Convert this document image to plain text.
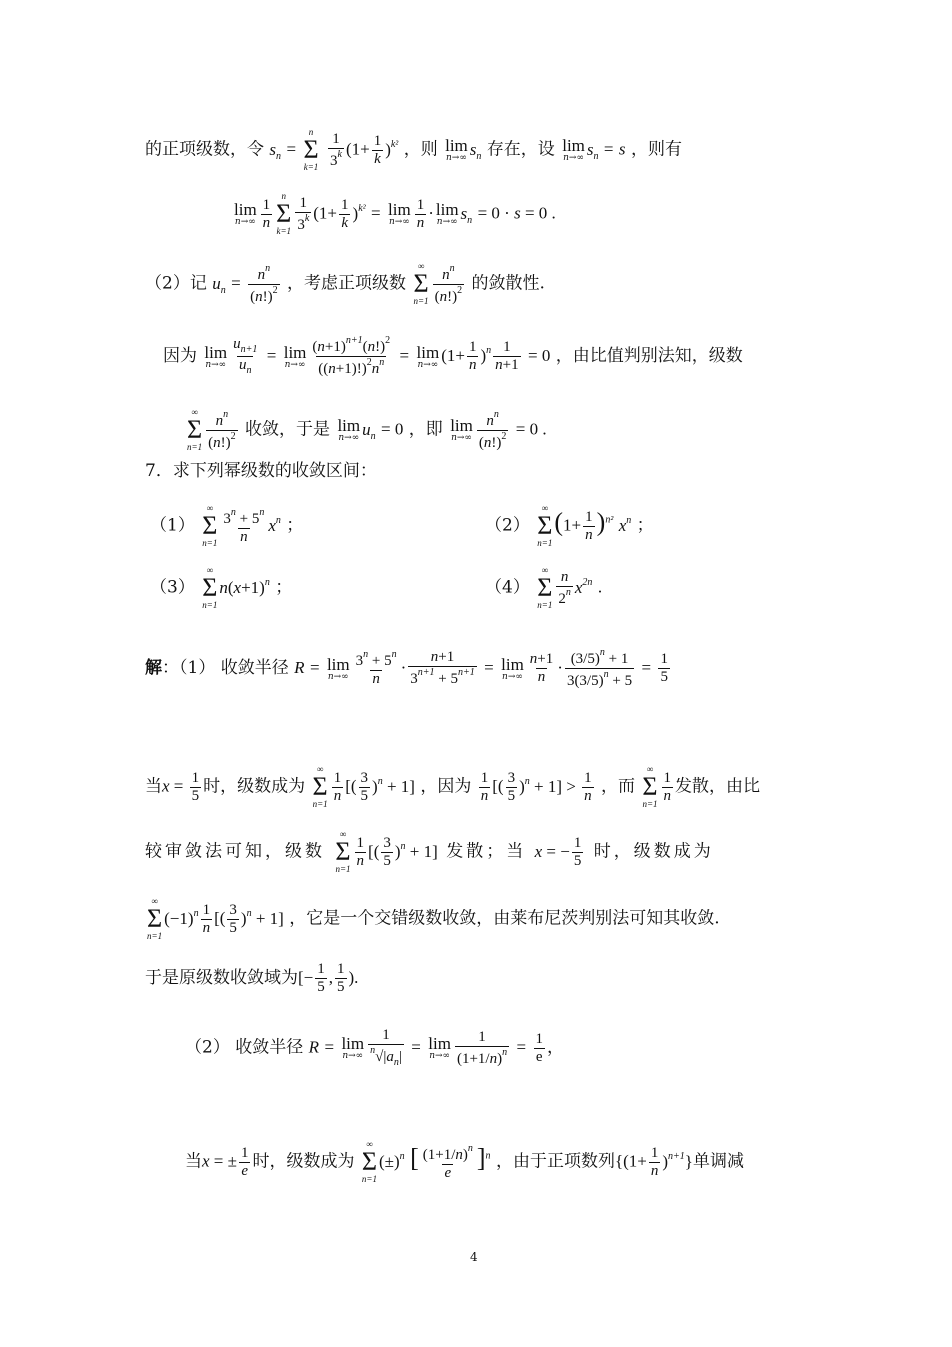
的正项级数，令 $s_n$ =
n
Σ
k=1
$\frac{1}{3^k} (1+ \frac{1}{k} )^{k^2}$ ，则 lim
n→∞ $s_n$ 存在，设 lim
n→∞ $s_n = s$ ，则有
lim
$n\to\infty \frac{1}{n}$
n
Σ
$k=1 \frac{1}{3^k} (1+ \frac{1}{k} )^{k^2} = \lim$
$n\to\infty \frac{1}{n} \cdot \lim$
n→∞ $s_n = 0 \cdot s = 0$ .
（2）记 $u_n = \frac{n^n}{(n!)^2}$ ，考虑正项级数
∞
Σ
$n=1 \frac{n^n}{(n!)^2}$ 的敛散性.
因为 lim
$n\to\infty \frac{u_{n+1}}{u_n} = \lim$
$n\to\infty \frac{(n+1)^{n+1}(n!)^2}{((n+1)!)^2n^n} = \lim$
n→∞ $(1+ \frac{1}{n} )^n \frac{1}{n+1} = 0$ ，由比值判别法知，级数
∞
Σ
$n=1 \frac{n^n}{(n!)^2}$ 收敛，于是 lim
n→∞ $u_n = 0$ ，即 lim
$n\to\infty \frac{n^n}{(n!)^2} = 0$ .
7．求下列幂级数的收敛区间：
（1）
∞
Σ
$n=1 \frac{3^n + 5^n}{n} x^n$ ；	（2）
∞
Σ
n=1
$(1+ \frac{1}{n} )^{n^2}$ $x^n$ ；
（3）
∞
Σ
n=1
$n(x+1)^n$ ；	（4）
∞
Σ
$n=1 \frac{n}{2^n} x^{2n}$ .
解：（1） 收敛半径 R = lim
$n\to\infty \frac{3^n + 5^n}{n} \cdot \frac{n+1}{3^{n+1} + 5^{n+1}} = \lim$
$n\to\infty \frac{n+1}{n} \cdot \frac{(3/5)^n + 1}{3(3/5)^n + 5} = \frac{1}{5}$
当$x = \frac{1}{5}$ 时，级数成为
∞
Σ
n=1
$\frac{1}{n}$ [( $\frac{3}{5} )^n + 1$] ，因为 $\frac{1}{n}$ [( $\frac{3}{5} )^n + 1] > \frac{1}{n}$ ，而
∞
Σ
n=1
$\frac{1}{n}$ 发散，由比
较审敛法可知，级数
∞
Σ
n=1
$\frac{1}{n}$ [( $\frac{3}{5} )^n + 1$] 发散；当 x = − $\frac{1}{5}$ 时，级数成为
∞
Σ
n=1
$(-1)^n \frac{1}{n}$ [( $\frac{3}{5} )^n + 1$] ，它是一个交错级数收敛，由莱布尼茨判别法可知其收敛.
于是原级数收敛域为[− $\frac{1}{5}$ , $\frac{1}{5}$ ).
（2） 收敛半径 R = lim
$n\to\infty \frac{1}{^n√|a_n|} = \lim$
$n\to\infty \frac{1}{(1+1/n)^n} = \frac{1}{e}$ ，
当x = ± $\frac{1}{e}$ 时，级数成为
∞
Σ
n=1
$(\pm)^n$ [ $\frac{(1+1/n)^n}{e} ]^n$ ，由于正项数列$\{(1+ \frac{1}{n} )^{n+1}\}$单调减
4
